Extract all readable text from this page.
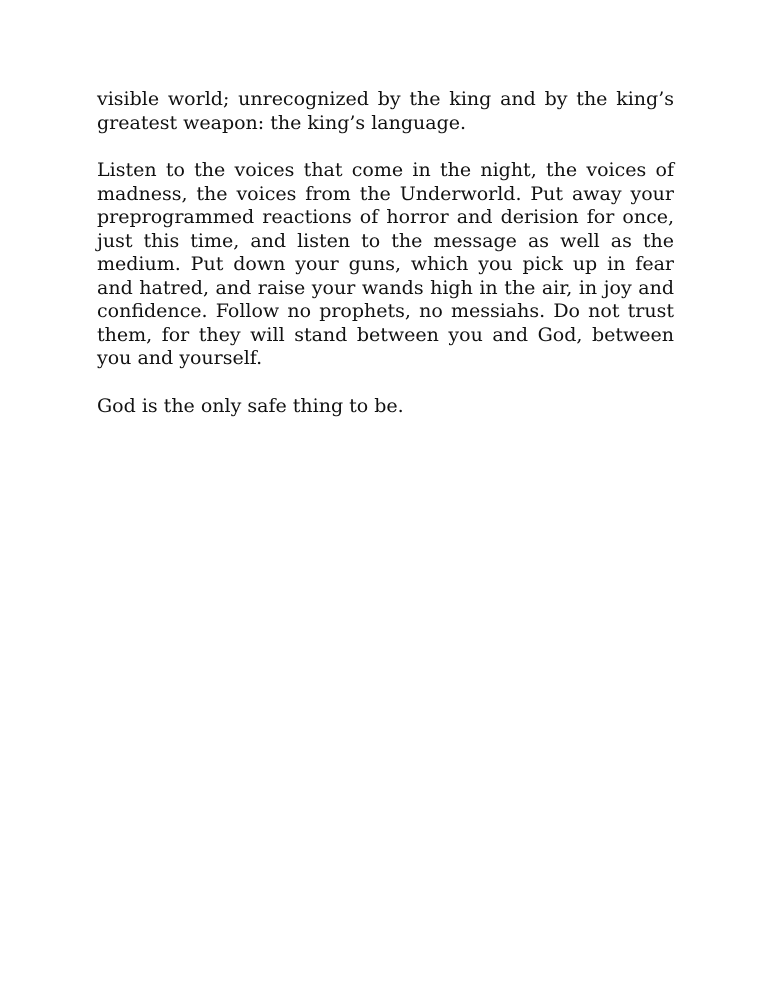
visible world; unrecognized by the king and by the king’s greatest weapon: the king’s language.

Listen to the voices that come in the night, the voices of madness, the voices from the Underworld. Put away your preprogrammed reactions of horror and derision for once, just this time, and listen to the message as well as the medium. Put down your guns, which you pick up in fear and hatred, and raise your wands high in the air, in joy and confidence. Follow no prophets, no messiahs. Do not trust them, for they will stand between you and God, between you and yourself.

God is the only safe thing to be.
